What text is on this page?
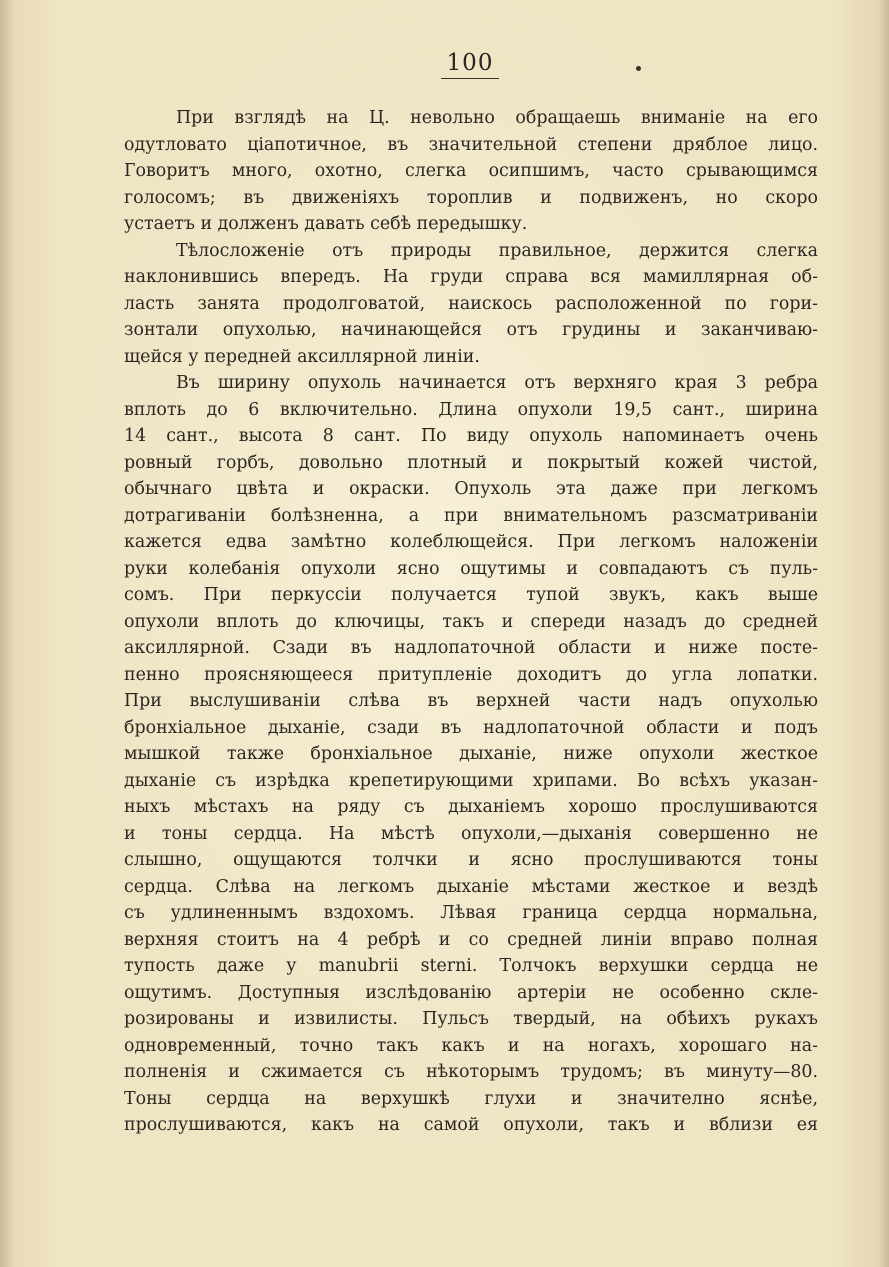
100
При взглядѣ на Ц. невольно обращаешь вниманіе на его
одутловато ціапотичное, въ значительной степени дряблое лицо.
Говоритъ много, охотно, слегка осипшимъ, часто срывающимся
голосомъ; въ движеніяхъ тороплив и подвиженъ, но скоро
устаетъ и долженъ давать себѣ передышку.
Тѣлосложеніе отъ природы правильное, держится слегка
наклонившись впередъ. На груди справа вся мамиллярная об-
ласть занята продолговатой, наискось расположенной по гори-
зонтали опухолью, начинающейся отъ грудины и заканчиваю-
щейся у передней аксиллярной линіи.
Въ ширину опухоль начинается отъ верхняго края 3 ребра
вплоть до 6 включительно. Длина опухоли 19,5 сант., ширина
14 сант., высота 8 сант. По виду опухоль напоминаетъ очень
ровный горбъ, довольно плотный и покрытый кожей чистой,
обычнаго цвѣта и окраски. Опухоль эта даже при легкомъ
дотрагиваніи болѣзненна, а при внимательномъ разсматриваніи
кажется едва замѣтно колеблющейся. При легкомъ наложеніи
руки колебанія опухоли ясно ощутимы и совпадаютъ съ пуль-
сомъ. При перкуссіи получается тупой звукъ, какъ выше
опухоли вплоть до ключицы, такъ и спереди назадъ до средней
аксиллярной. Сзади въ надлопаточной области и ниже посте-
пенно проясняющееся притупленіе доходитъ до угла лопатки.
При выслушиваніи слѣва въ верхней части надъ опухолью
бронхіальное дыханіе, сзади въ надлопаточной области и подъ
мышкой также бронхіальное дыханіе, ниже опухоли жесткое
дыханіе съ изрѣдка крепетирующими хрипами. Во всѣхъ указан-
ныхъ мѣстахъ на ряду съ дыханіемъ хорошо прослушиваются
и тоны сердца. На мѣстѣ опухоли,—дыханія совершенно не
слышно, ощущаются толчки и ясно прослушиваются тоны
сердца. Слѣва на легкомъ дыханіе мѣстами жесткое и вездѣ
съ удлиненнымъ вздохомъ. Лѣвая граница сердца нормальна,
верхняя стоитъ на 4 ребрѣ и со средней линіи вправо полная
тупость даже у manubrii sterni. Толчокъ верхушки сердца не
ощутимъ. Доступныя изслѣдованію артеріи не особенно скле-
розированы и извилисты. Пульсъ твердый, на обѣихъ рукахъ
одновременный, точно такъ какъ и на ногахъ, хорошаго на-
полненія и сжимается съ нѣкоторымъ трудомъ; въ минуту—80.
Тоны сердца на верхушкѣ глухи и значително яснѣе,
прослушиваются, какъ на самой опухоли, такъ и вблизи ея
